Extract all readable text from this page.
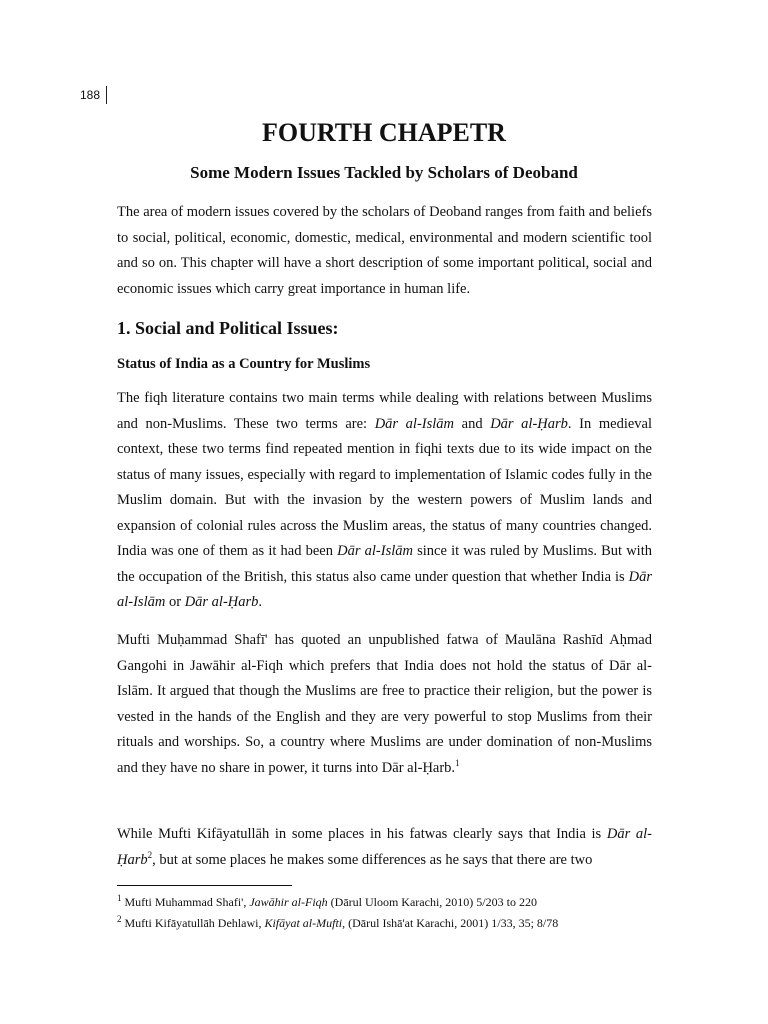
188
FOURTH CHAPETR
Some Modern Issues Tackled by Scholars of Deoband

The area of modern issues covered by the scholars of Deoband ranges from faith and beliefs to social, political, economic, domestic, medical, environmental and modern scientific tool and so on. This chapter will have a short description of some important political, social and economic issues which carry great importance in human life.

1. Social and Political Issues:
Status of India as a Country for Muslims

The fiqh literature contains two main terms while dealing with relations between Muslims and non-Muslims. These two terms are: Dār al-Islām and Dār al-Ḥarb. In medieval context, these two terms find repeated mention in fiqhi texts due to its wide impact on the status of many issues, especially with regard to implementation of Islamic codes fully in the Muslim domain. But with the invasion by the western powers of Muslim lands and expansion of colonial rules across the Muslim areas, the status of many countries changed. India was one of them as it had been Dār al-Islām since it was ruled by Muslims. But with the occupation of the British, this status also came under question that whether India is Dār al-Islām or Dār al-Ḥarb.

Mufti Muḥammad Shafī' has quoted an unpublished fatwa of Maulāna Rashīd Aḥmad Gangohi in Jawāhir al-Fiqh which prefers that India does not hold the status of Dār al-Islām. It argued that though the Muslims are free to practice their religion, but the power is vested in the hands of the English and they are very powerful to stop Muslims from their rituals and worships. So, a country where Muslims are under domination of non-Muslims and they have no share in power, it turns into Dār al-Ḥarb.$^1$

While Mufti Kifāyatullāh in some places in his fatwas clearly says that India is Dār al-Ḥarb$^2$, but at some places he makes some differences as he says that there are two

$^1$ Mufti Muhammad Shafi', Jawāhir al-Fiqh (Dārul Uloom Karachi, 2010) 5/203 to 220
$^2$ Mufti Kifāyatullāh Dehlawi, Kifāyat al-Mufti, (Dārul Ishā'at Karachi, 2001) 1/33, 35; 8/78
